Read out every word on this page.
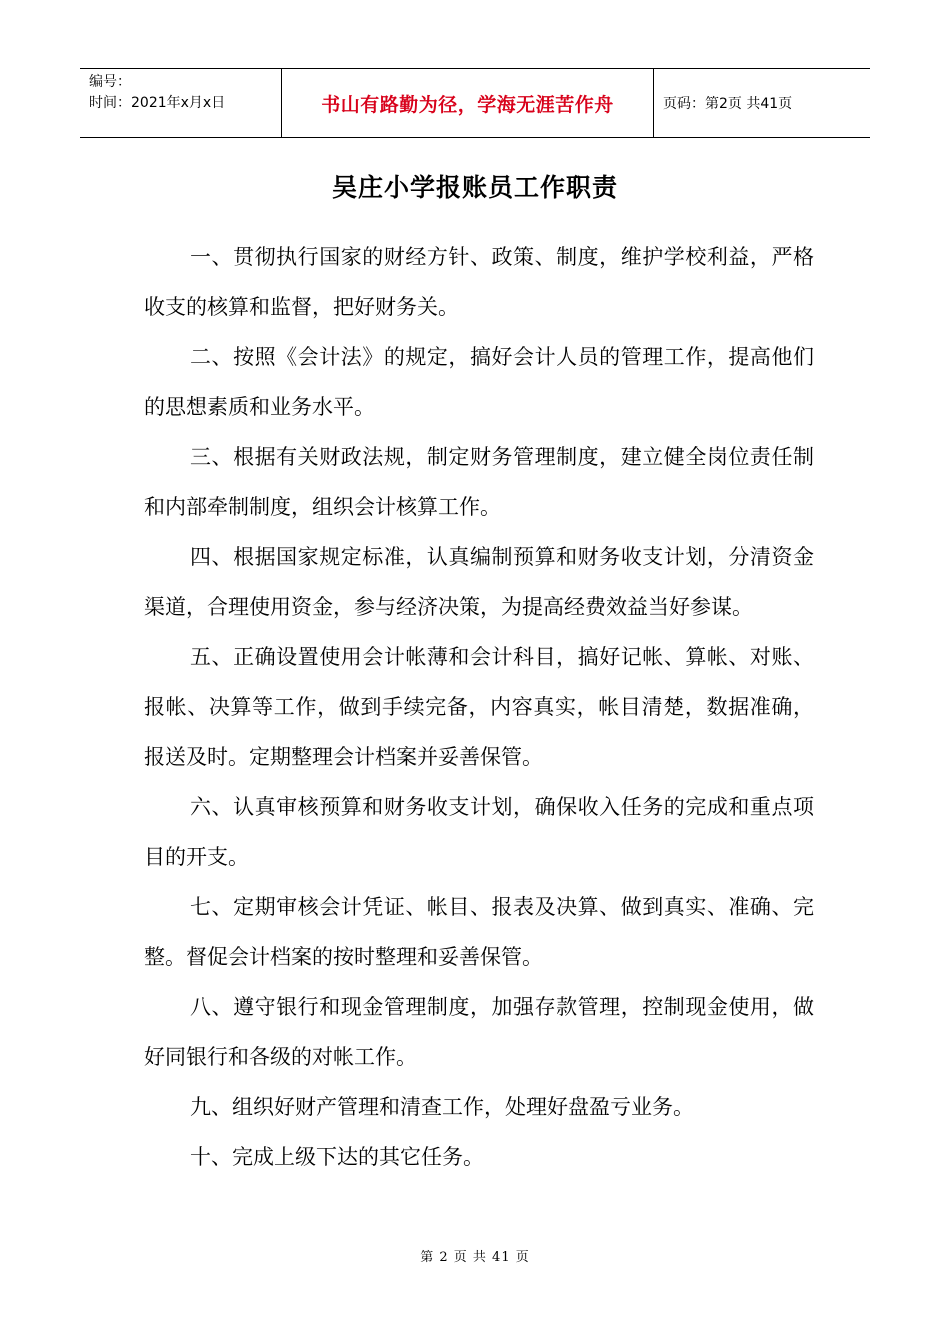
编号：
时间：2021年x月x日	书山有路勤为径，学海无涯苦作舟	页码：第2页 共41页
吴庄小学报账员工作职责

一、贯彻执行国家的财经方针、政策、制度，维护学校利益，严格收支的核算和监督，把好财务关。

二、按照《会计法》的规定，搞好会计人员的管理工作，提高他们的思想素质和业务水平。

三、根据有关财政法规，制定财务管理制度，建立健全岗位责任制和内部牵制制度，组织会计核算工作。

四、根据国家规定标准，认真编制预算和财务收支计划，分清资金渠道，合理使用资金，参与经济决策，为提高经费效益当好参谋。

五、正确设置使用会计帐薄和会计科目，搞好记帐、算帐、对账、报帐、决算等工作，做到手续完备，内容真实，帐目清楚，数据准确，报送及时。定期整理会计档案并妥善保管。

六、认真审核预算和财务收支计划，确保收入任务的完成和重点项目的开支。

七、定期审核会计凭证、帐目、报表及决算、做到真实、准确、完整。督促会计档案的按时整理和妥善保管。

八、遵守银行和现金管理制度，加强存款管理，控制现金使用，做好同银行和各级的对帐工作。

九、组织好财产管理和清查工作，处理好盘盈亏业务。

十、完成上级下达的其它任务。

第 2 页 共 41 页
